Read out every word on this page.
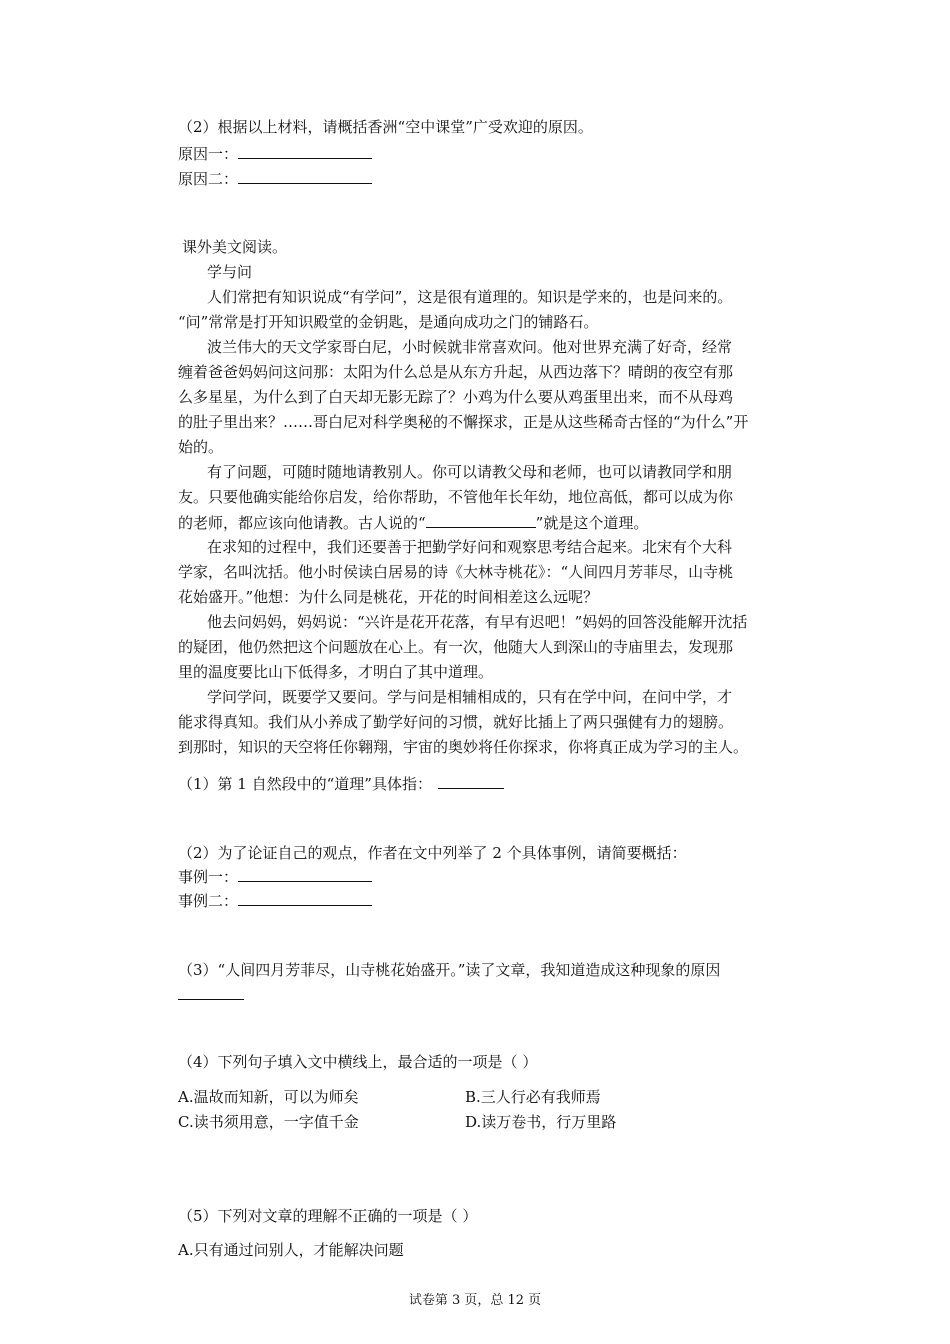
（2）根据以上材料，请概括香洲“空中课堂”广受欢迎的原因。
原因一：
原因二：
课外美文阅读。
学与问
人们常把有知识说成“有学问”，这是很有道理的。知识是学来的，也是问来的。
“问”常常是打开知识殿堂的金钥匙，是通向成功之门的铺路石。
波兰伟大的天文学家哥白尼，小时候就非常喜欢问。他对世界充满了好奇，经常
缠着爸爸妈妈问这问那：太阳为什么总是从东方升起，从西边落下？晴朗的夜空有那
么多星星，为什么到了白天却无影无踪了？小鸡为什么要从鸡蛋里出来，而不从母鸡
的肚子里出来？……哥白尼对科学奥秘的不懈探求，正是从这些稀奇古怪的“为什么”开
始的。
有了问题，可随时随地请教别人。你可以请教父母和老师，也可以请教同学和朋
友。只要他确实能给你启发，给你帮助，不管他年长年幼，地位高低，都可以成为你
的老师，都应该向他请教。古人说的“	”就是这个道理。
在求知的过程中，我们还要善于把勤学好问和观察思考结合起来。北宋有个大科
学家，名叫沈括。他小时侯读白居易的诗《大林寺桃花》：“人间四月芳菲尽，山寺桃
花始盛开。”他想：为什么同是桃花，开花的时间相差这么远呢？
他去问妈妈，妈妈说：“兴许是花开花落，有早有迟吧！”妈妈的回答没能解开沈括
的疑团，他仍然把这个问题放在心上。有一次，他随大人到深山的寺庙里去，发现那
里的温度要比山下低得多，才明白了其中道理。
学问学问，既要学又要问。学与问是相辅相成的，只有在学中问，在问中学，才
能求得真知。我们从小养成了勤学好问的习惯，就好比插上了两只强健有力的翅膀。
到那时，知识的天空将任你翱翔，宇宙的奥妙将任你探求，你将真正成为学习的主人。
（1）第 1 自然段中的“道理”具体指：
（2）为了论证自己的观点，作者在文中列举了 2 个具体事例，请简要概括：
事例一：
事例二：
（3）“人间四月芳菲尽，山寺桃花始盛开。”读了文章，我知道造成这种现象的原因
（4）下列句子填入文中横线上，最合适的一项是（ ）
A.温故而知新，可以为师矣	B.三人行必有我师焉
C.读书须用意，一字值千金	D.读万卷书，行万里路
（5）下列对文章的理解不正确的一项是（ ）
A.只有通过问别人，才能解决问题
试卷第 3 页，总 12 页
